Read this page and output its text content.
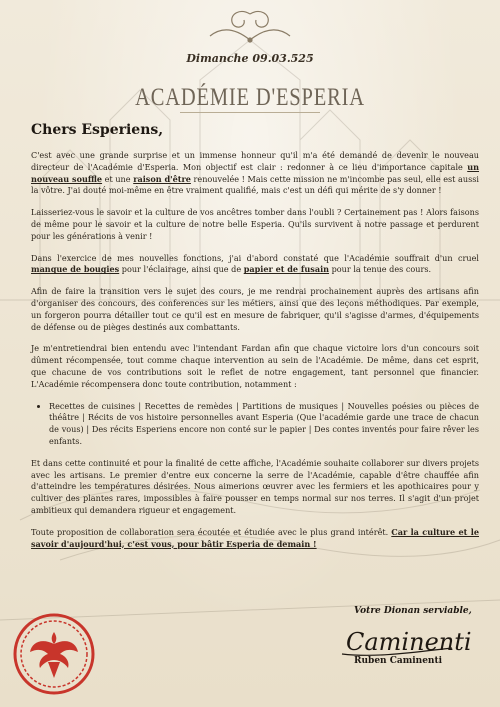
Dimanche 09.03.525
ACADÉMIE D'ESPERIA
Chers Esperiens,

C'est avec une grande surprise et un immense honneur qu'il m'a été demandé de devenir le nouveau directeur de l'Académie d'Esperia. Mon objectif est clair : redonner à ce lieu d'importance capitale un nouveau souffle et une raison d'être renouvelée ! Mais cette mission ne m'incombe pas seul, elle est aussi la vôtre. J'ai douté moi-même en être vraiment qualifié, mais c'est un défi qui mérite de s'y donner !

Laisseriez-vous le savoir et la culture de vos ancêtres tomber dans l'oubli ? Certainement pas ! Alors faisons de même pour le savoir et la culture de notre belle Esperia. Qu'ils survivent à notre passage et perdurent pour les générations à venir !

Dans l'exercice de mes nouvelles fonctions, j'ai d'abord constaté que l'Académie souffrait d'un cruel manque de bougies pour l'éclairage, ainsi que de papier et de fusain pour la tenue des cours.

Afin de faire la transition vers le sujet des cours, je me rendrai prochainement auprès des artisans afin d'organiser des concours, des conferences sur les métiers, ainsi que des leçons méthodiques. Par exemple, un forgeron pourra détailler tout ce qu'il est en mesure de fabriquer, qu'il s'agisse d'armes, d'équipements de défense ou de pièges destinés aux combattants.

Je m'entretiendrai bien entendu avec l'intendant Fardan afin que chaque victoire lors d'un concours soit dûment récompensée, tout comme chaque intervention au sein de l'Académie. De même, dans cet esprit, que chacune de vos contributions soit le reflet de notre engagement, tant personnel que financier. L'Académie récompensera donc toute contribution, notamment :

• Recettes de cuisines | Recettes de remèdes | Partitions de musiques | Nouvelles poésies ou pièces de théâtre | Récits de vos histoire personnelles avant Esperia (Que l'académie garde une trace de chacun de vous) | Des récits Esperiens encore non conté sur le papier | Des contes inventés pour faire rêver les enfants.

Et dans cette continuité et pour la finalité de cette affiche, l'Académie souhaite collaborer sur divers projets avec les artisans. Le premier d'entre eux concerne la serre de l'Académie, capable d'être chauffée afin d'atteindre les températures désirées. Nous aimerions œuvrer avec les fermiers et les apothicaires pour y cultiver des plantes rares, impossibles à faire pousser en temps normal sur nos terres. Il s'agit d'un projet ambitieux qui demandera rigueur et engagement.

Toute proposition de collaboration sera écoutée et étudiée avec le plus grand intérêt. Car la culture et le savoir d'aujourd'hui, c'est vous, pour bâtir Esperia de demain !

Votre Dionan serviable,
Caminenti
Ruben Caminenti
